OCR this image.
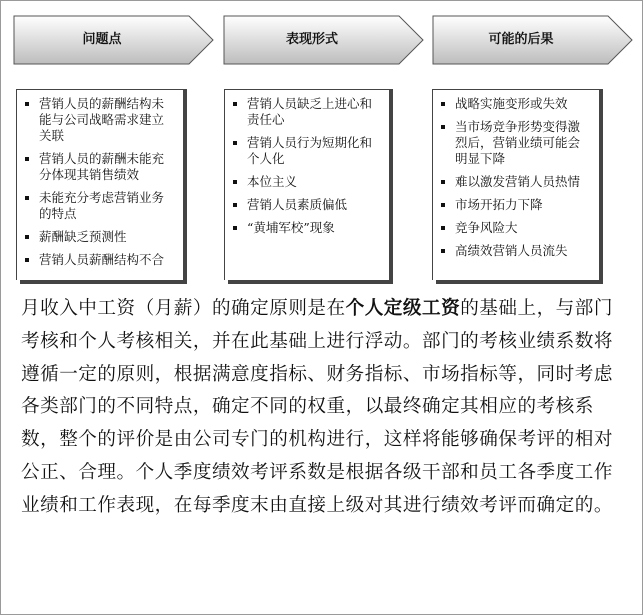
问题点	表现形式	可能的后果
营销人员的薪酬结构未能与公司战略需求建立关联
营销人员的薪酬未能充分体现其销售绩效
未能充分考虑营销业务的特点
薪酬缺乏预测性
营销人员薪酬结构不合
营销人员缺乏上进心和责任心
营销人员行为短期化和个人化
本位主义
营销人员素质偏低
“黄埔军校”现象
战略实施变形或失效
当市场竞争形势变得激烈后，营销业绩可能会明显下降
难以激发营销人员热情
市场开拓力下降
竞争风险大
高绩效营销人员流失
月收入中工资（月薪）的确定原则是在个人定级工资的基础上，与部门考核和个人考核相关，并在此基础上进行浮动。部门的考核业绩系数将遵循一定的原则，根据满意度指标、财务指标、市场指标等，同时考虑各类部门的不同特点，确定不同的权重，以最终确定其相应的考核系数，整个的评价是由公司专门的机构进行，这样将能够确保考评的相对公正、合理。个人季度绩效考评系数是根据各级干部和员工各季度工作业绩和工作表现，在每季度末由直接上级对其进行绩效考评而确定的。
